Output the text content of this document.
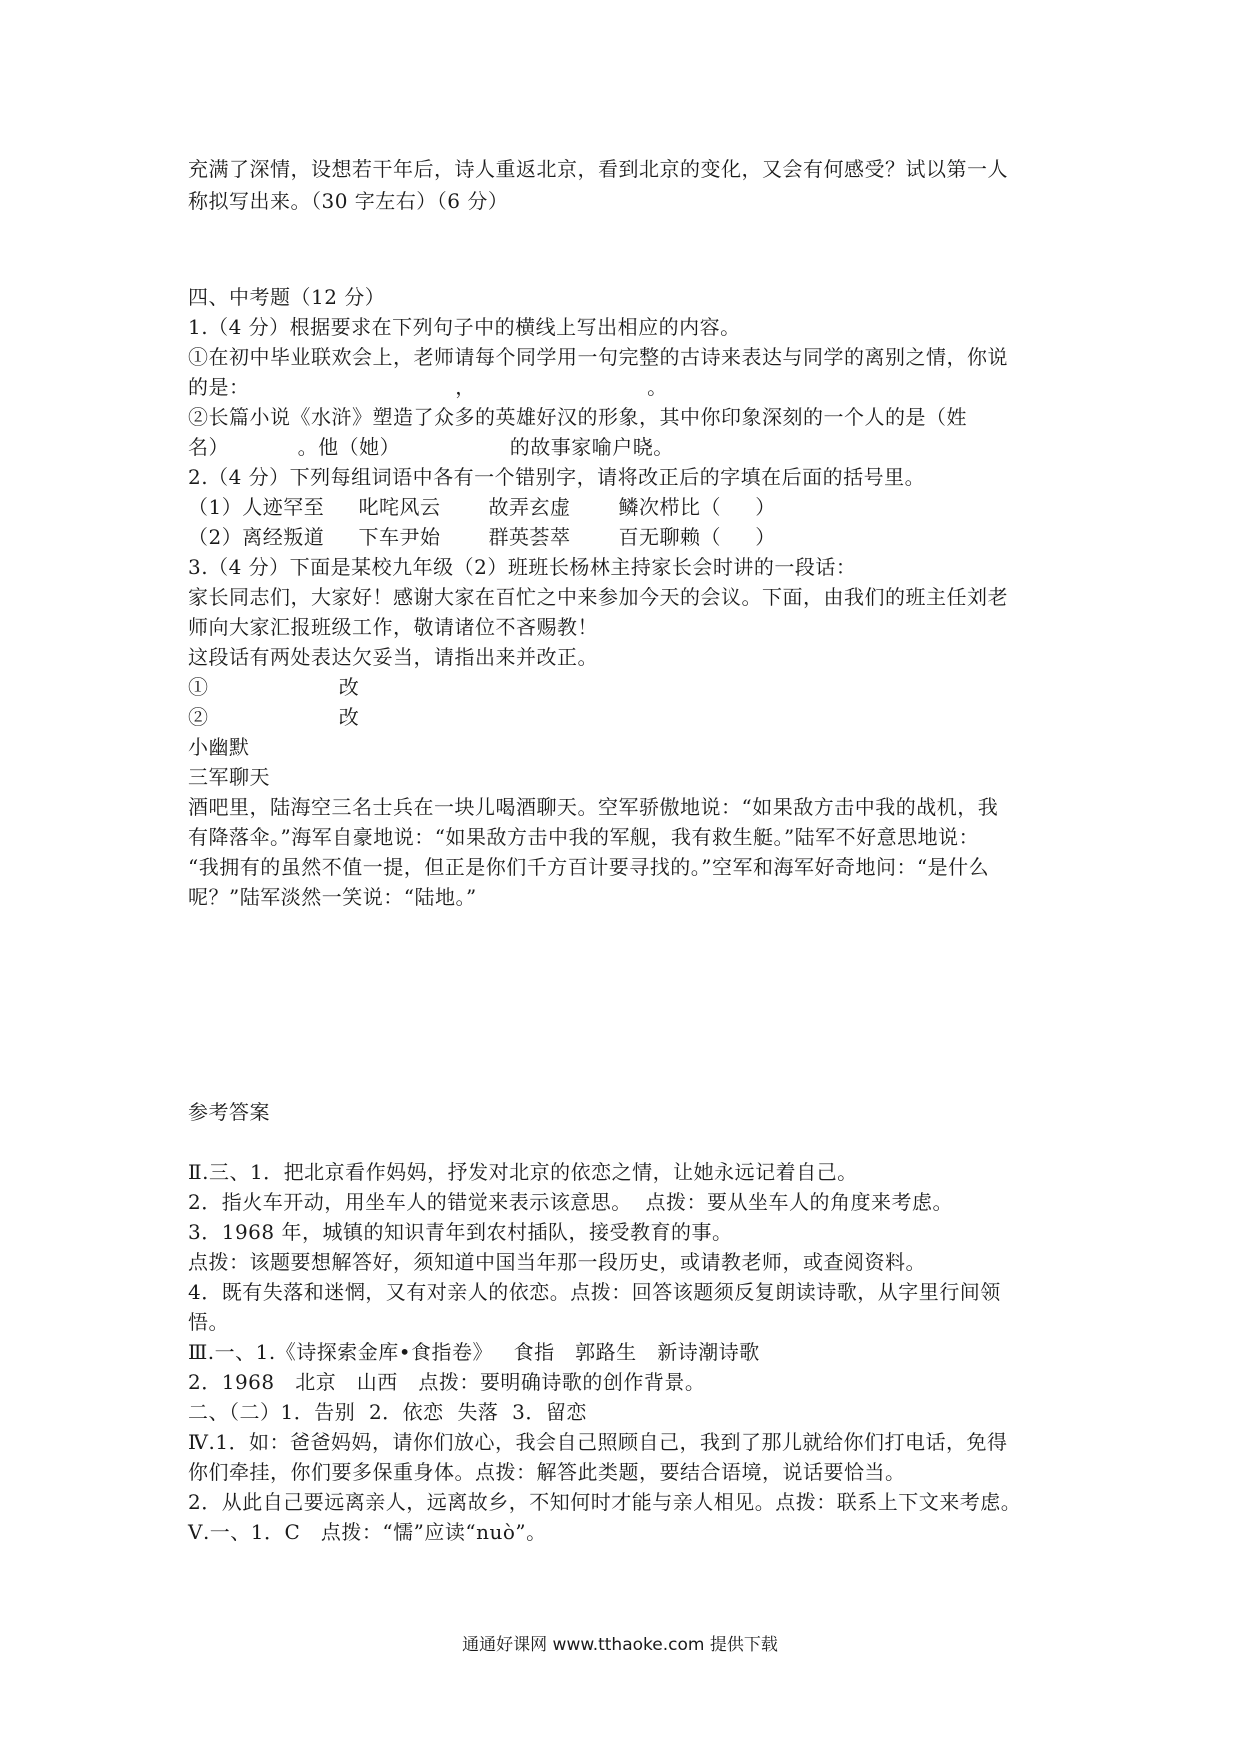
充满了深情，设想若干年后，诗人重返北京，看到北京的变化，又会有何感受？试以第一人
称拟写出来。（30 字左右）（6 分）
四、中考题（12 分）
1.（4 分）根据要求在下列句子中的横线上写出相应的内容。
①在初中毕业联欢会上，老师请每个同学用一句完整的古诗来表达与同学的离别之情，你说
的是：                              ，                         。
②长篇小说《水浒》塑造了众多的英雄好汉的形象，其中你印象深刻的一个人的是（姓
名）          。他（她）                的故事家喻户晓。
2.（4 分）下列每组词语中各有一个错别字，请将改正后的字填在后面的括号里。
（1）人迹罕至     叱咤风云       故弄玄虚       鳞次栉比（     ）
（2）离经叛道     下车尹始       群英荟萃       百无聊赖（     ）
3.（4 分）下面是某校九年级（2）班班长杨林主持家长会时讲的一段话：
家长同志们，大家好！感谢大家在百忙之中来参加今天的会议。下面，由我们的班主任刘老
师向大家汇报班级工作，敬请诸位不吝赐教！
这段话有两处表达欠妥当，请指出来并改正。
①                   改
②                   改
小幽默
三军聊天
酒吧里，陆海空三名士兵在一块儿喝酒聊天。空军骄傲地说：“如果敌方击中我的战机，我
有降落伞。”海军自豪地说：“如果敌方击中我的军舰，我有救生艇。”陆军不好意思地说：
“我拥有的虽然不值一提，但正是你们千方百计要寻找的。”空军和海军好奇地问：“是什么
呢？”陆军淡然一笑说：“陆地。”
参考答案
Ⅱ.三、1．把北京看作妈妈，抒发对北京的依恋之情，让她永远记着自己。
2．指火车开动，用坐车人的错觉来表示该意思。  点拨：要从坐车人的角度来考虑。
3．1968 年，城镇的知识青年到农村插队，接受教育的事。
点拨：该题要想解答好，须知道中国当年那一段历史，或请教老师，或查阅资料。
4．既有失落和迷惘，又有对亲人的依恋。点拨：回答该题须反复朗读诗歌，从字里行间领
悟。
Ⅲ.一、1.《诗探索金库•食指卷》   食指   郭路生   新诗潮诗歌
2．1968   北京   山西   点拨：要明确诗歌的创作背景。
二、（二）1．告别  2．依恋  失落  3．留恋
Ⅳ.1．如：爸爸妈妈，请你们放心，我会自己照顾自己，我到了那儿就给你们打电话，免得
你们牵挂，你们要多保重身体。点拨：解答此类题，要结合语境，说话要恰当。
2．从此自己要远离亲人，远离故乡，不知何时才能与亲人相见。点拨：联系上下文来考虑。
Ⅴ.一、1．C   点拨：“懦”应读“nuò”。
通通好课网 www.tthaoke.com 提供下载
